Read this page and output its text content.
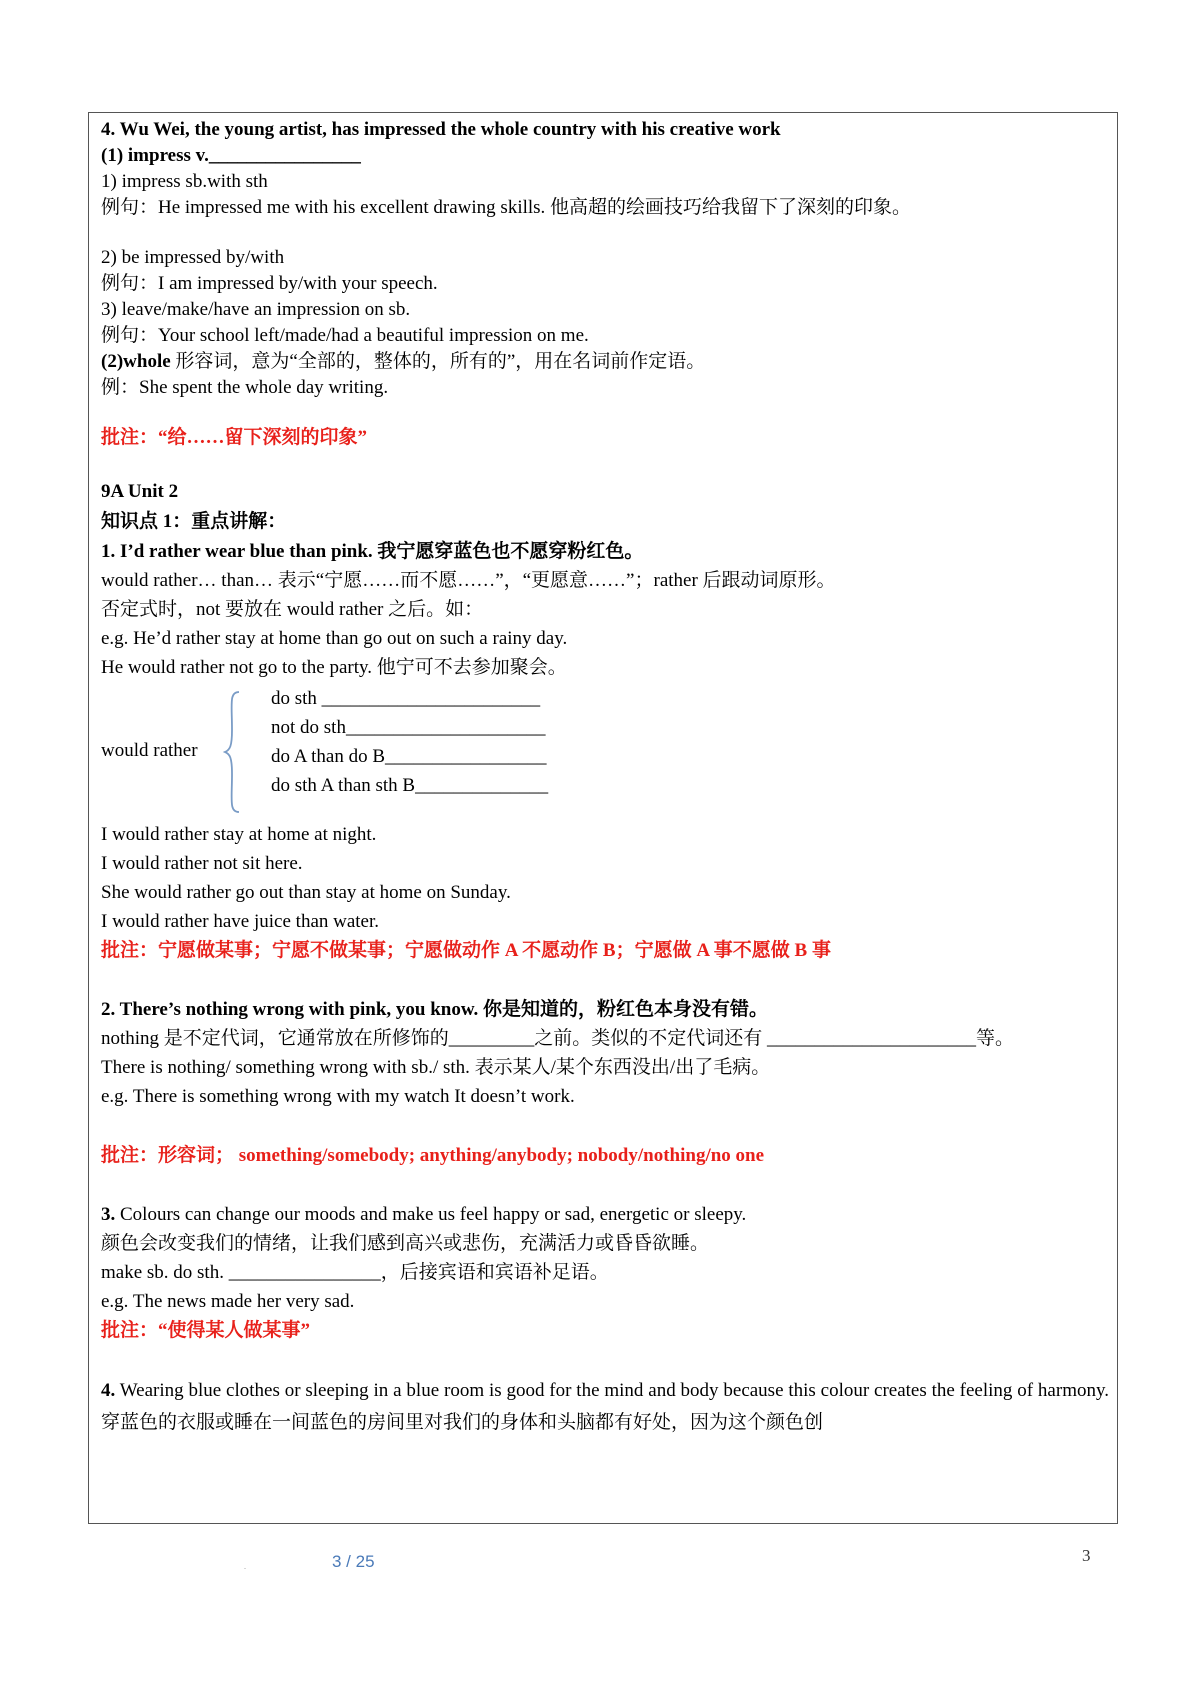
4. Wu Wei, the young artist, has impressed the whole country with his creative work
(1) impress v.________________
1) impress sb.with sth
例句：He impressed me with his excellent drawing skills. 他高超的绘画技巧给我留下了深刻的印象。
2) be impressed by/with
例句：I am impressed by/with your speech.
3) leave/make/have an impression on sb.
例句：Your school left/made/had a beautiful impression on me.
(2)whole 形容词，意为“全部的，整体的，所有的”，用在名词前作定语。
例：She spent the whole day writing.
批注：“给……留下深刻的印象”
9A Unit 2
知识点 1：重点讲解：
1. I’d rather wear blue than pink. 我宁愿穿蓝色也不愿穿粉红色。
would rather… than… 表示“宁愿……而不愿……”，“更愿意……”；rather 后跟动词原形。
否定式时，not 要放在 would rather 之后。如：
e.g. He’d rather stay at home than go out on such a rainy day.
He would rather not go to the party. 他宁可不去参加聚会。
would rather
do sth _______________________
not do sth_____________________
do A than do B_________________
do sth A than sth B______________
I would rather stay at home at night.
I would rather not sit here.
She would rather go out than stay at home on Sunday.
I would rather have juice than water.
批注：宁愿做某事；宁愿不做某事；宁愿做动作 A 不愿动作 B；宁愿做 A 事不愿做 B 事
2. There’s nothing wrong with pink, you know. 你是知道的，粉红色本身没有错。
nothing 是不定代词，它通常放在所修饰的_________之前。类似的不定代词还有 ______________________等。
There is nothing/ something wrong with sb./ sth. 表示某人/某个东西没出/出了毛病。
e.g. There is something wrong with my watch It doesn’t work.
批注：形容词； something/somebody; anything/anybody; nobody/nothing/no one
3. Colours can change our moods and make us feel happy or sad, energetic or sleepy.
颜色会改变我们的情绪，让我们感到高兴或悲伤，充满活力或昏昏欲睡。
make sb. do sth. ________________，后接宾语和宾语补足语。
e.g. The news made her very sad.
批注：“使得某人做某事”
4. Wearing blue clothes or sleeping in a blue room is good for the mind and body because this colour creates the feeling of harmony. 穿蓝色的衣服或睡在一间蓝色的房间里对我们的身体和头脑都有好处，因为这个颜色创
.	3 / 25	3
